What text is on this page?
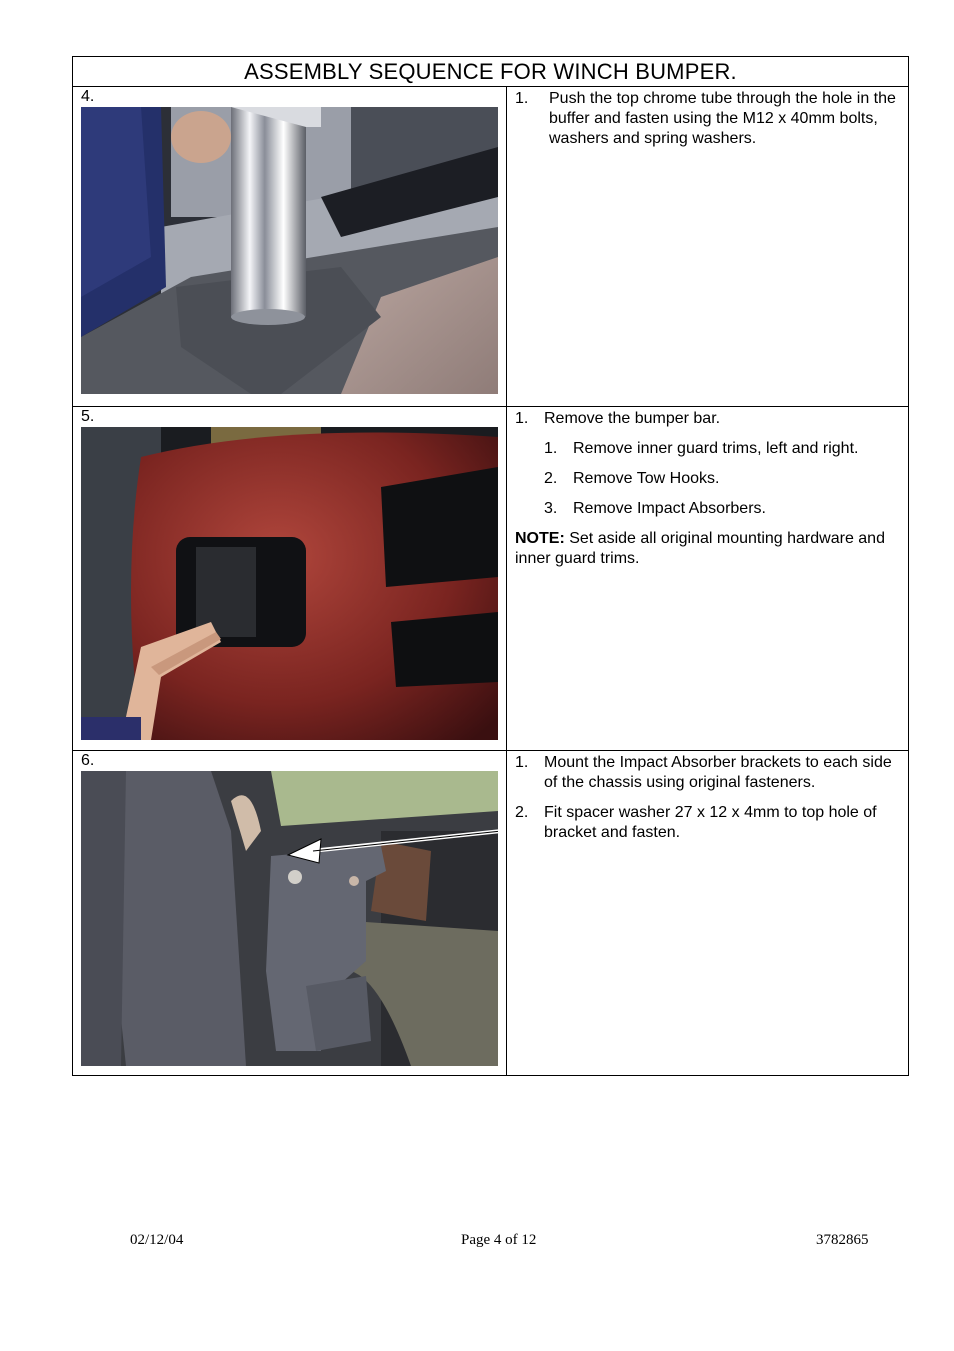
ASSEMBLY SEQUENCE FOR WINCH BUMPER.
4.	1.	Push the top chrome tube through the hole in the buffer and fasten using the M12 x 40mm bolts, washers and spring washers.
5.	1. Remove the bumper bar.
1. Remove inner guard trims, left and right.
2. Remove Tow Hooks.
3. Remove Impact Absorbers.
NOTE: Set aside all original mounting hardware and inner guard trims.
6.	1. Mount the Impact Absorber brackets to each side of the chassis using original fasteners.
2. Fit spacer washer 27 x 12 x 4mm to top hole of bracket and fasten.
02/12/04	Page 4 of 12	3782865
